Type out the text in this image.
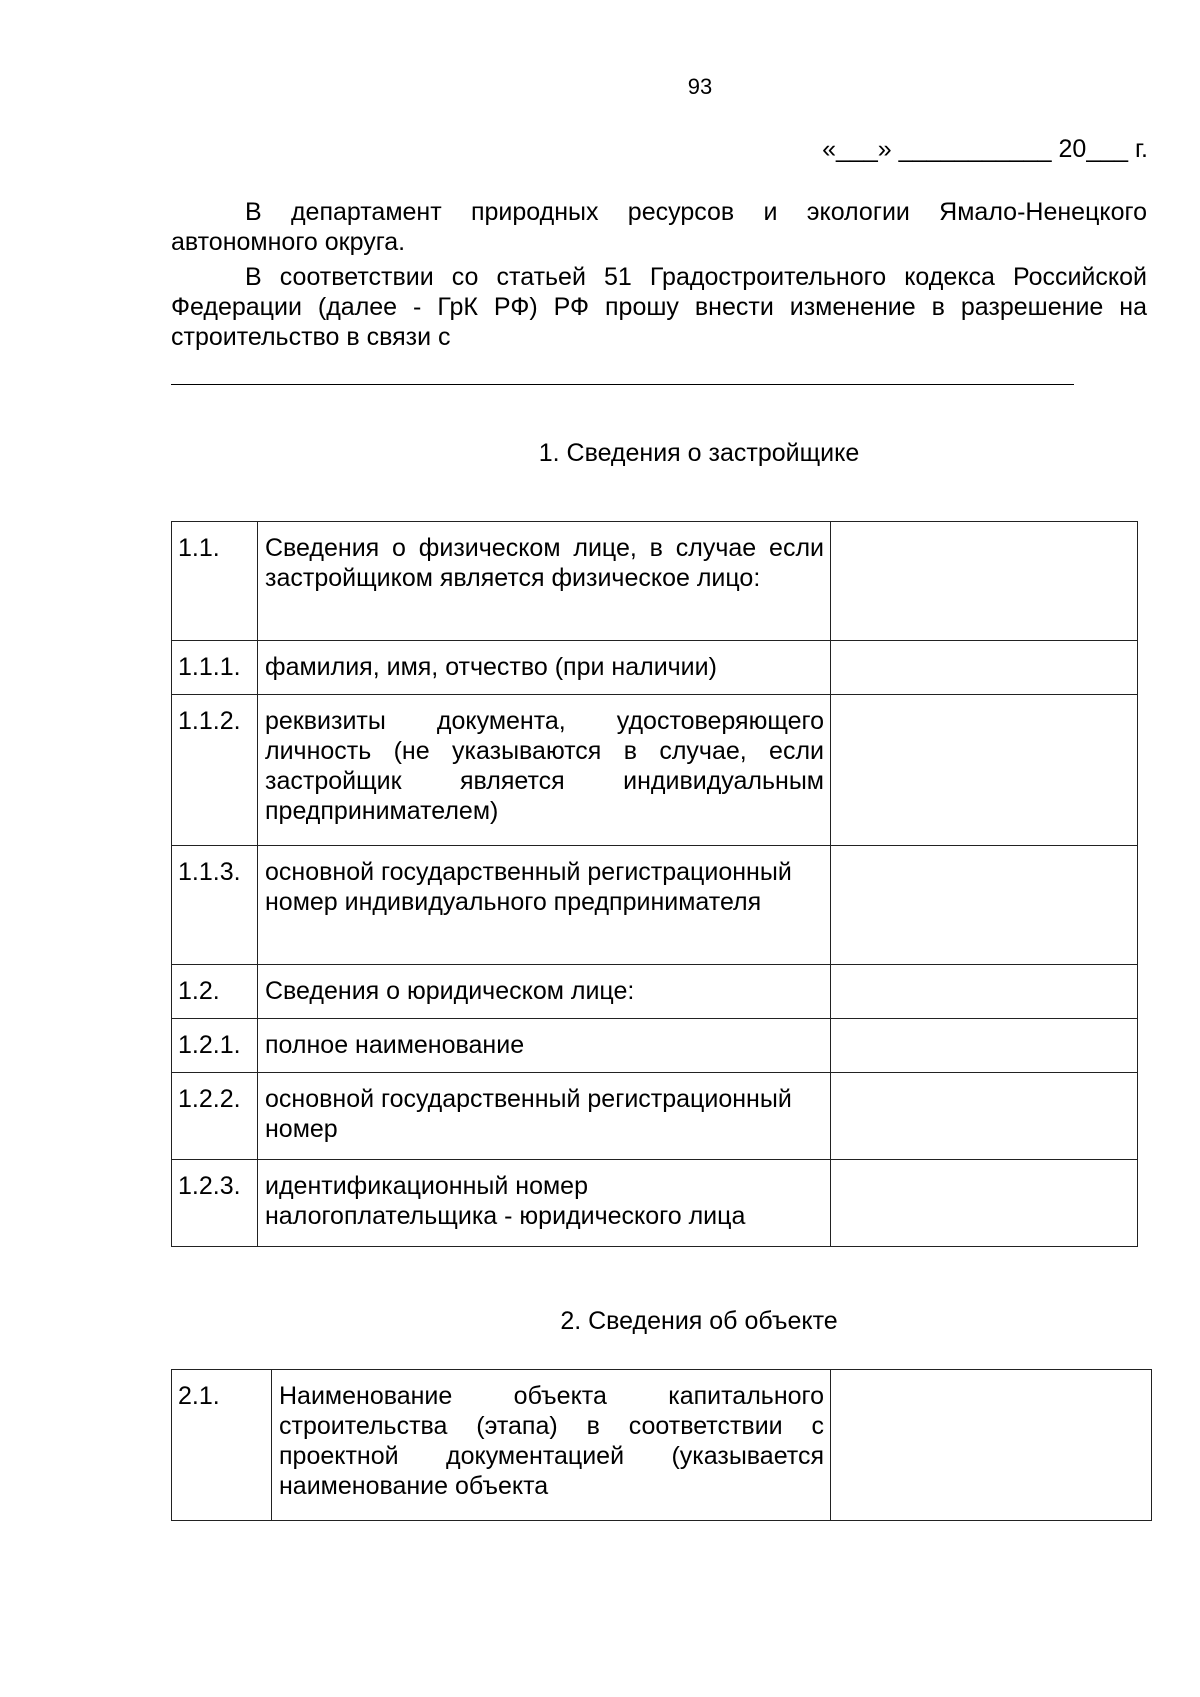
93
«___» ___________ 20___ г.
В департамент природных ресурсов и экологии Ямало-Ненецкого автономного округа.
В соответствии со статьей 51 Градостроительного кодекса Российской Федерации (далее - ГрК РФ) РФ прошу внести изменение в разрешение на строительство в связи с
1. Сведения о застройщике
1.1.	Сведения о физическом лице, в случае если застройщиком является физическое лицо:	
1.1.1.	фамилия, имя, отчество (при наличии)	
1.1.2.	реквизиты документа, удостоверяющего личность (не указываются в случае, если застройщик является индивидуальным предпринимателем)	
1.1.3.	основной государственный регистрационный номер индивидуального предпринимателя	
1.2.	Сведения о юридическом лице:	
1.2.1.	полное наименование	
1.2.2.	основной государственный регистрационный номер	
1.2.3.	идентификационный номер налогоплательщика - юридического лица	
2. Сведения об объекте
2.1.	Наименование объекта капитального строительства (этапа) в соответствии с проектной документацией (указывается наименование объекта	
